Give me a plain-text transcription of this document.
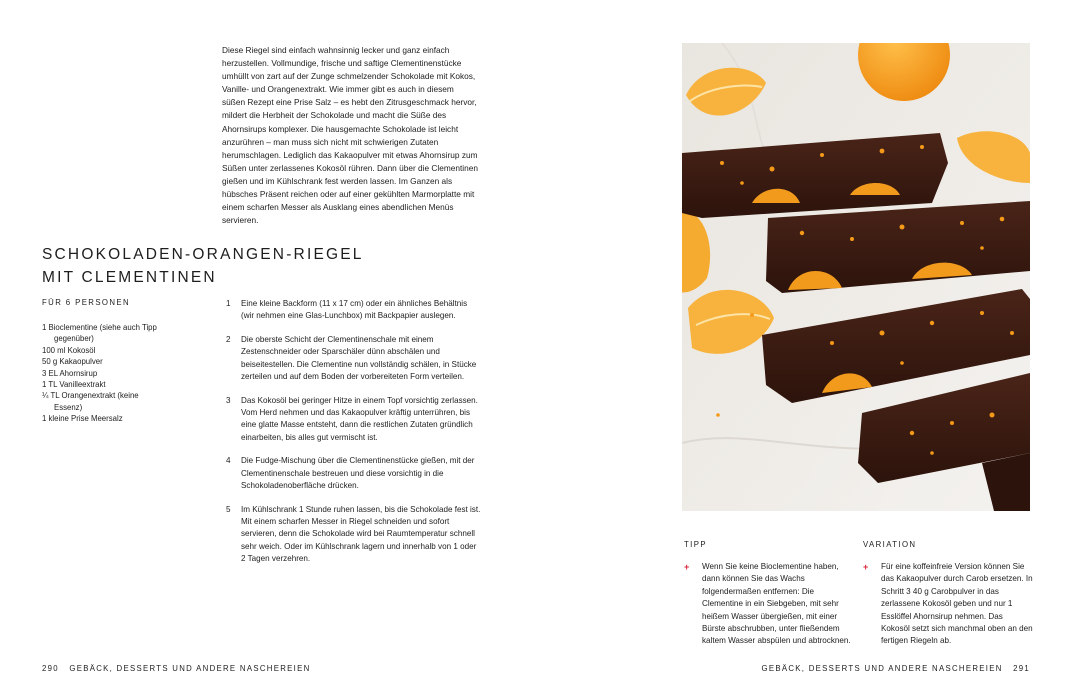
Diese Riegel sind einfach wahnsinnig lecker und ganz einfach herzustellen. Vollmundige, frische und saftige Clementinenstücke umhüllt von zart auf der Zunge schmelzender Schokolade mit Kokos, Vanille- und Orangenextrakt. Wie immer gibt es auch in diesem süßen Rezept eine Prise Salz – es hebt den Zitrusgeschmack hervor, mildert die Herbheit der Schokolade und macht die Süße des Ahornsirups komplexer. Die hausgemachte Schokolade ist leicht anzurühren – man muss sich nicht mit schwierigen Zutaten herumschlagen. Lediglich das Kakaopulver mit etwas Ahornsirup zum Süßen unter zerlassenes Kokosöl rühren. Dann über die Clementinen gießen und im Kühlschrank fest werden lassen. Im Ganzen als hübsches Präsent reichen oder auf einer gekühlten Marmorplatte mit einem scharfen Messer als Ausklang eines abendlichen Menüs servieren.
SCHOKOLADEN-ORANGEN-RIEGEL
MIT CLEMENTINEN
FÜR 6 PERSONEN
1 Bioclementine (siehe auch Tipp gegenüber)
100 ml Kokosöl
50 g Kakaopulver
3 EL Ahornsirup
1 TL Vanilleextrakt
¼ TL Orangenextrakt (keine Essenz)
1 kleine Prise Meersalz
1	Eine kleine Backform (11 x 17 cm) oder ein ähnliches Behältnis (wir nehmen eine Glas-Lunchbox) mit Backpapier auslegen.
2	Die oberste Schicht der Clementinenschale mit einem Zestenschneider oder Sparschäler dünn abschälen und beiseitestellen. Die Clementine nun vollständig schälen, in Stücke zerteilen und auf dem Boden der vorbereiteten Form verteilen.
3	Das Kokosöl bei geringer Hitze in einem Topf vorsichtig zerlassen. Vom Herd nehmen und das Kakaopulver kräftig unterrühren, bis eine glatte Masse entsteht, dann die restlichen Zutaten gründlich einarbeiten, bis alles gut vermischt ist.
4	Die Fudge-Mischung über die Clementinenstücke gießen, mit der Clementinenschale bestreuen und diese vorsichtig in die Schokoladenoberfläche drücken.
5	Im Kühlschrank 1 Stunde ruhen lassen, bis die Schokolade fest ist. Mit einem scharfen Messer in Riegel schneiden und sofort servieren, denn die Schokolade wird bei Raumtemperatur schnell sehr weich. Oder im Kühlschrank lagern und innerhalb von 1 oder 2 Tagen verzehren.
290 GEBÄCK, DESSERTS UND ANDERE NASCHEREIEN	GEBÄCK, DESSERTS UND ANDERE NASCHEREIEN 291
TIPP
+	Wenn Sie keine Bioclementine haben, dann können Sie das Wachs folgendermaßen entfernen: Die Clementine in ein Siebgeben, mit sehr heißem Wasser übergießen, mit einer Bürste abschrubben, unter fließendem kaltem Wasser abspülen und abtrocknen.
VARIATION
+	Für eine koffeinfreie Version können Sie das Kakaopulver durch Carob ersetzen. In Schritt 3 40 g Carobpulver in das zerlassene Kokosöl geben und nur 1 Esslöffel Ahornsirup nehmen. Das Kokosöl setzt sich manchmal oben an den fertigen Riegeln ab.
